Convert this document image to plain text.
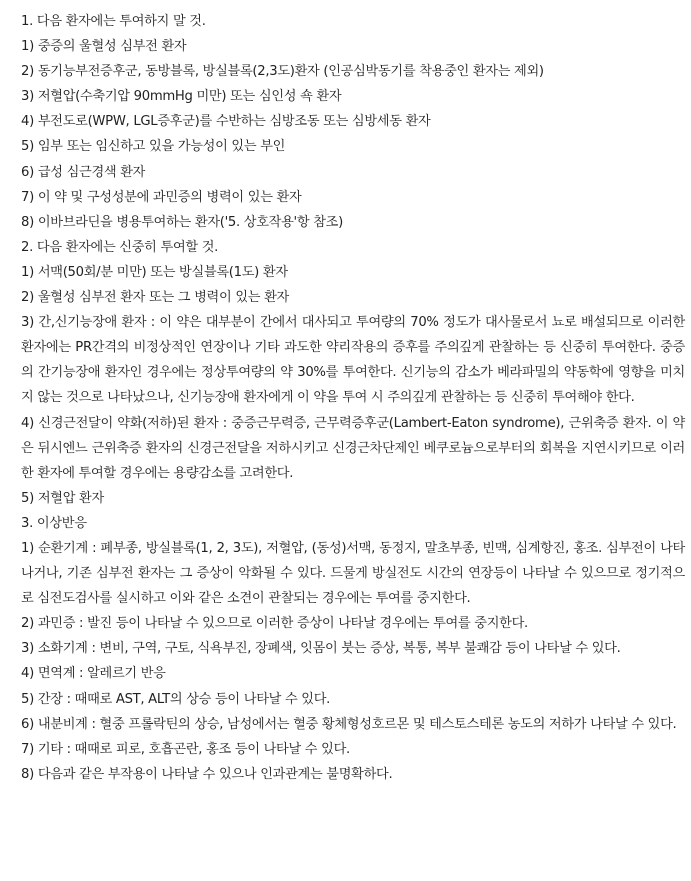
1. 다음 환자에는 투여하지 말 것.

1) 중증의 울혈성 심부전 환자

2) 동기능부전증후군, 동방블록, 방실블록(2,3도)환자 (인공심박동기를 착용중인 환자는 제외)

3) 저혈압(수축기압 90mmHg 미만) 또는 심인성 쇽 환자

4) 부전도로(WPW, LGL증후군)를 수반하는 심방조동 또는 심방세동 환자

5) 임부 또는 임신하고 있을 가능성이 있는 부인

6) 급성 심근경색 환자

7) 이 약 및 구성성분에 과민증의 병력이 있는 환자

8) 이바브라딘을 병용투여하는 환자('5. 상호작용'항 참조)

2. 다음 환자에는 신중히 투여할 것.

1) 서맥(50회/분 미만) 또는 방실블록(1도) 환자

2) 울혈성 심부전 환자 또는 그 병력이 있는 환자

3) 간,신기능장애 환자 : 이 약은 대부분이 간에서 대사되고 투여량의 70% 정도가 대사물로서 뇨로 배설되므로 이러한 환자에는 PR간격의 비정상적인 연장이나 기타 과도한 약리작용의 증후를 주의깊게 관찰하는 등 신중히 투여한다. 중증의 간기능장애 환자인 경우에는 정상투여량의 약 30%를 투여한다. 신기능의 감소가 베라파밀의 약동학에 영향을 미치지 않는 것으로 나타났으나, 신기능장애 환자에게 이 약을 투여 시 주의깊게 관찰하는 등 신중히 투여해야 한다.

4) 신경근전달이 약화(저하)된 환자 : 중증근무력증, 근무력증후군(Lambert-Eaton syndrome), 근위축증 환자. 이 약은 뒤시엔느 근위축증 환자의 신경근전달을 저하시키고 신경근차단제인 베쿠로늄으로부터의 회복을 지연시키므로 이러한 환자에 투여할 경우에는 용량감소를 고려한다.

5) 저혈압 환자

3. 이상반응

1) 순환기계 : 폐부종, 방실블록(1, 2, 3도), 저혈압, (동성)서맥, 동정지, 말초부종, 빈맥, 심계항진, 홍조. 심부전이 나타나거나, 기존 심부전 환자는 그 증상이 악화될 수 있다. 드물게 방실전도 시간의 연장등이 나타날 수 있으므로 정기적으로 심전도검사를 실시하고 이와 같은 소견이 관찰되는 경우에는 투여를 중지한다.

2) 과민증 : 발진 등이 나타날 수 있으므로 이러한 증상이 나타날 경우에는 투여를 중지한다.

3) 소화기계 : 변비, 구역, 구토, 식욕부진, 장폐색, 잇몸이 붓는 증상, 복통, 복부 불쾌감 등이 나타날 수 있다.

4) 면역계 : 알레르기 반응

5) 간장 : 때때로 AST, ALT의 상승 등이 나타날 수 있다.

6) 내분비계 : 혈중 프롤락틴의 상승, 남성에서는 혈중 황체형성호르몬 및 테스토스테론 농도의 저하가 나타날 수 있다.

7) 기타 : 때때로 피로, 호흡곤란, 홍조 등이 나타날 수 있다.

8) 다음과 같은 부작용이 나타날 수 있으나 인과관계는 불명확하다.
